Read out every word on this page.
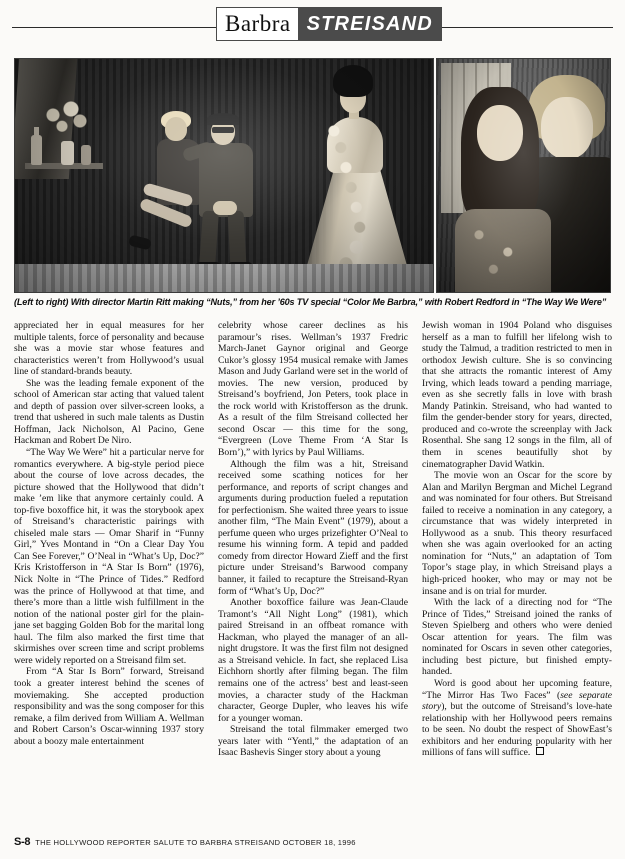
Barbra STREISAND
(Left to right) With director Martin Ritt making “Nuts,” from her ’60s TV special “Color Me Barbra,” with Robert Redford in “The Way We Were”

appreciated her in equal measures for her multiple talents, force of personality and because she was a movie star whose features and characteristics weren’t from Hollywood’s usual line of standard-brands beauty.

She was the leading female exponent of the school of American star acting that valued talent and depth of passion over silver-screen looks, a trend that ushered in such male talents as Dustin Hoffman, Jack Nicholson, Al Pacino, Gene Hackman and Robert De Niro.

“The Way We Were” hit a particular nerve for romantics everywhere. A big-style period piece about the course of love across decades, the picture showed that the Hollywood that didn’t make ’em like that anymore certainly could. A top-five boxoffice hit, it was the storybook apex of Streisand’s characteristic pairings with chiseled male stars — Omar Sharif in “Funny Girl,” Yves Montand in “On a Clear Day You Can See Forever,” O’Neal in “What’s Up, Doc?” Kris Kristofferson in “A Star Is Born” (1976), Nick Nolte in “The Prince of Tides.” Redford was the prince of Hollywood at that time, and there’s more than a little wish fulfillment in the notion of the national poster girl for the plain-jane set bagging Golden Bob for the marital long haul. The film also marked the first time that skirmishes over screen time and script problems were widely reported on a Streisand film set.

From “A Star Is Born” forward, Streisand took a greater interest behind the scenes of moviemaking. She accepted production responsibility and was the song composer for this remake, a film derived from William A. Wellman and Robert Carson’s Oscar-winning 1937 story about a boozy male entertainment

celebrity whose career declines as his paramour’s rises. Wellman’s 1937 Fredric March-Janet Gaynor original and George Cukor’s glossy 1954 musical remake with James Mason and Judy Garland were set in the world of movies. The new version, produced by Streisand’s boyfriend, Jon Peters, took place in the rock world with Kristofferson as the drunk. As a result of the film Streisand collected her second Oscar — this time for the song, “Evergreen (Love Theme From ‘A Star Is Born’),” with lyrics by Paul Williams.

Although the film was a hit, Streisand received some scathing notices for her performance, and reports of script changes and arguments during production fueled a reputation for perfectionism. She waited three years to issue another film, “The Main Event” (1979), about a perfume queen who urges prizefighter O’Neal to resume his winning form. A tepid and padded comedy from director Howard Zieff and the first picture under Streisand’s Barwood company banner, it failed to recapture the Streisand-Ryan form of “What’s Up, Doc?”

Another boxoffice failure was Jean-Claude Tramont’s “All Night Long” (1981), which paired Streisand in an offbeat romance with Hackman, who played the manager of an all-night drugstore. It was the first film not designed as a Streisand vehicle. In fact, she replaced Lisa Eichhorn shortly after filming began. The film remains one of the actress’ best and least-seen movies, a character study of the Hackman character, George Dupler, who leaves his wife for a younger woman.

Streisand the total filmmaker emerged two years later with “Yentl,” the adaptation of an Isaac Bashevis Singer story about a young

Jewish woman in 1904 Poland who disguises herself as a man to fulfill her lifelong wish to study the Talmud, a tradition restricted to men in orthodox Jewish culture. She is so convincing that she attracts the romantic interest of Amy Irving, which leads toward a pending marriage, even as she secretly falls in love with brash Mandy Patinkin. Streisand, who had wanted to film the gender-bender story for years, directed, produced and co-wrote the screenplay with Jack Rosenthal. She sang 12 songs in the film, all of them in scenes beautifully shot by cinematographer David Watkin.

The movie won an Oscar for the score by Alan and Marilyn Bergman and Michel Legrand and was nominated for four others. But Streisand failed to receive a nomination in any category, a circumstance that was widely interpreted in Hollywood as a snub. This theory resurfaced when she was again overlooked for an acting nomination for “Nuts,” an adaptation of Tom Topor’s stage play, in which Streisand plays a high-priced hooker, who may or may not be insane and is on trial for murder.

With the lack of a directing nod for “The Prince of Tides,” Streisand joined the ranks of Steven Spielberg and others who were denied Oscar attention for years. The film was nominated for Oscars in seven other categories, including best picture, but finished empty-handed.

Word is good about her upcoming feature, “The Mirror Has Two Faces” (see separate story), but the outcome of Streisand’s love-hate relationship with her Hollywood peers remains to be seen. No doubt the respect of ShowEast’s exhibitors and her enduring popularity with her millions of fans will suffice.

S-8 THE HOLLYWOOD REPORTER SALUTE TO BARBRA STREISAND OCTOBER 18, 1996
